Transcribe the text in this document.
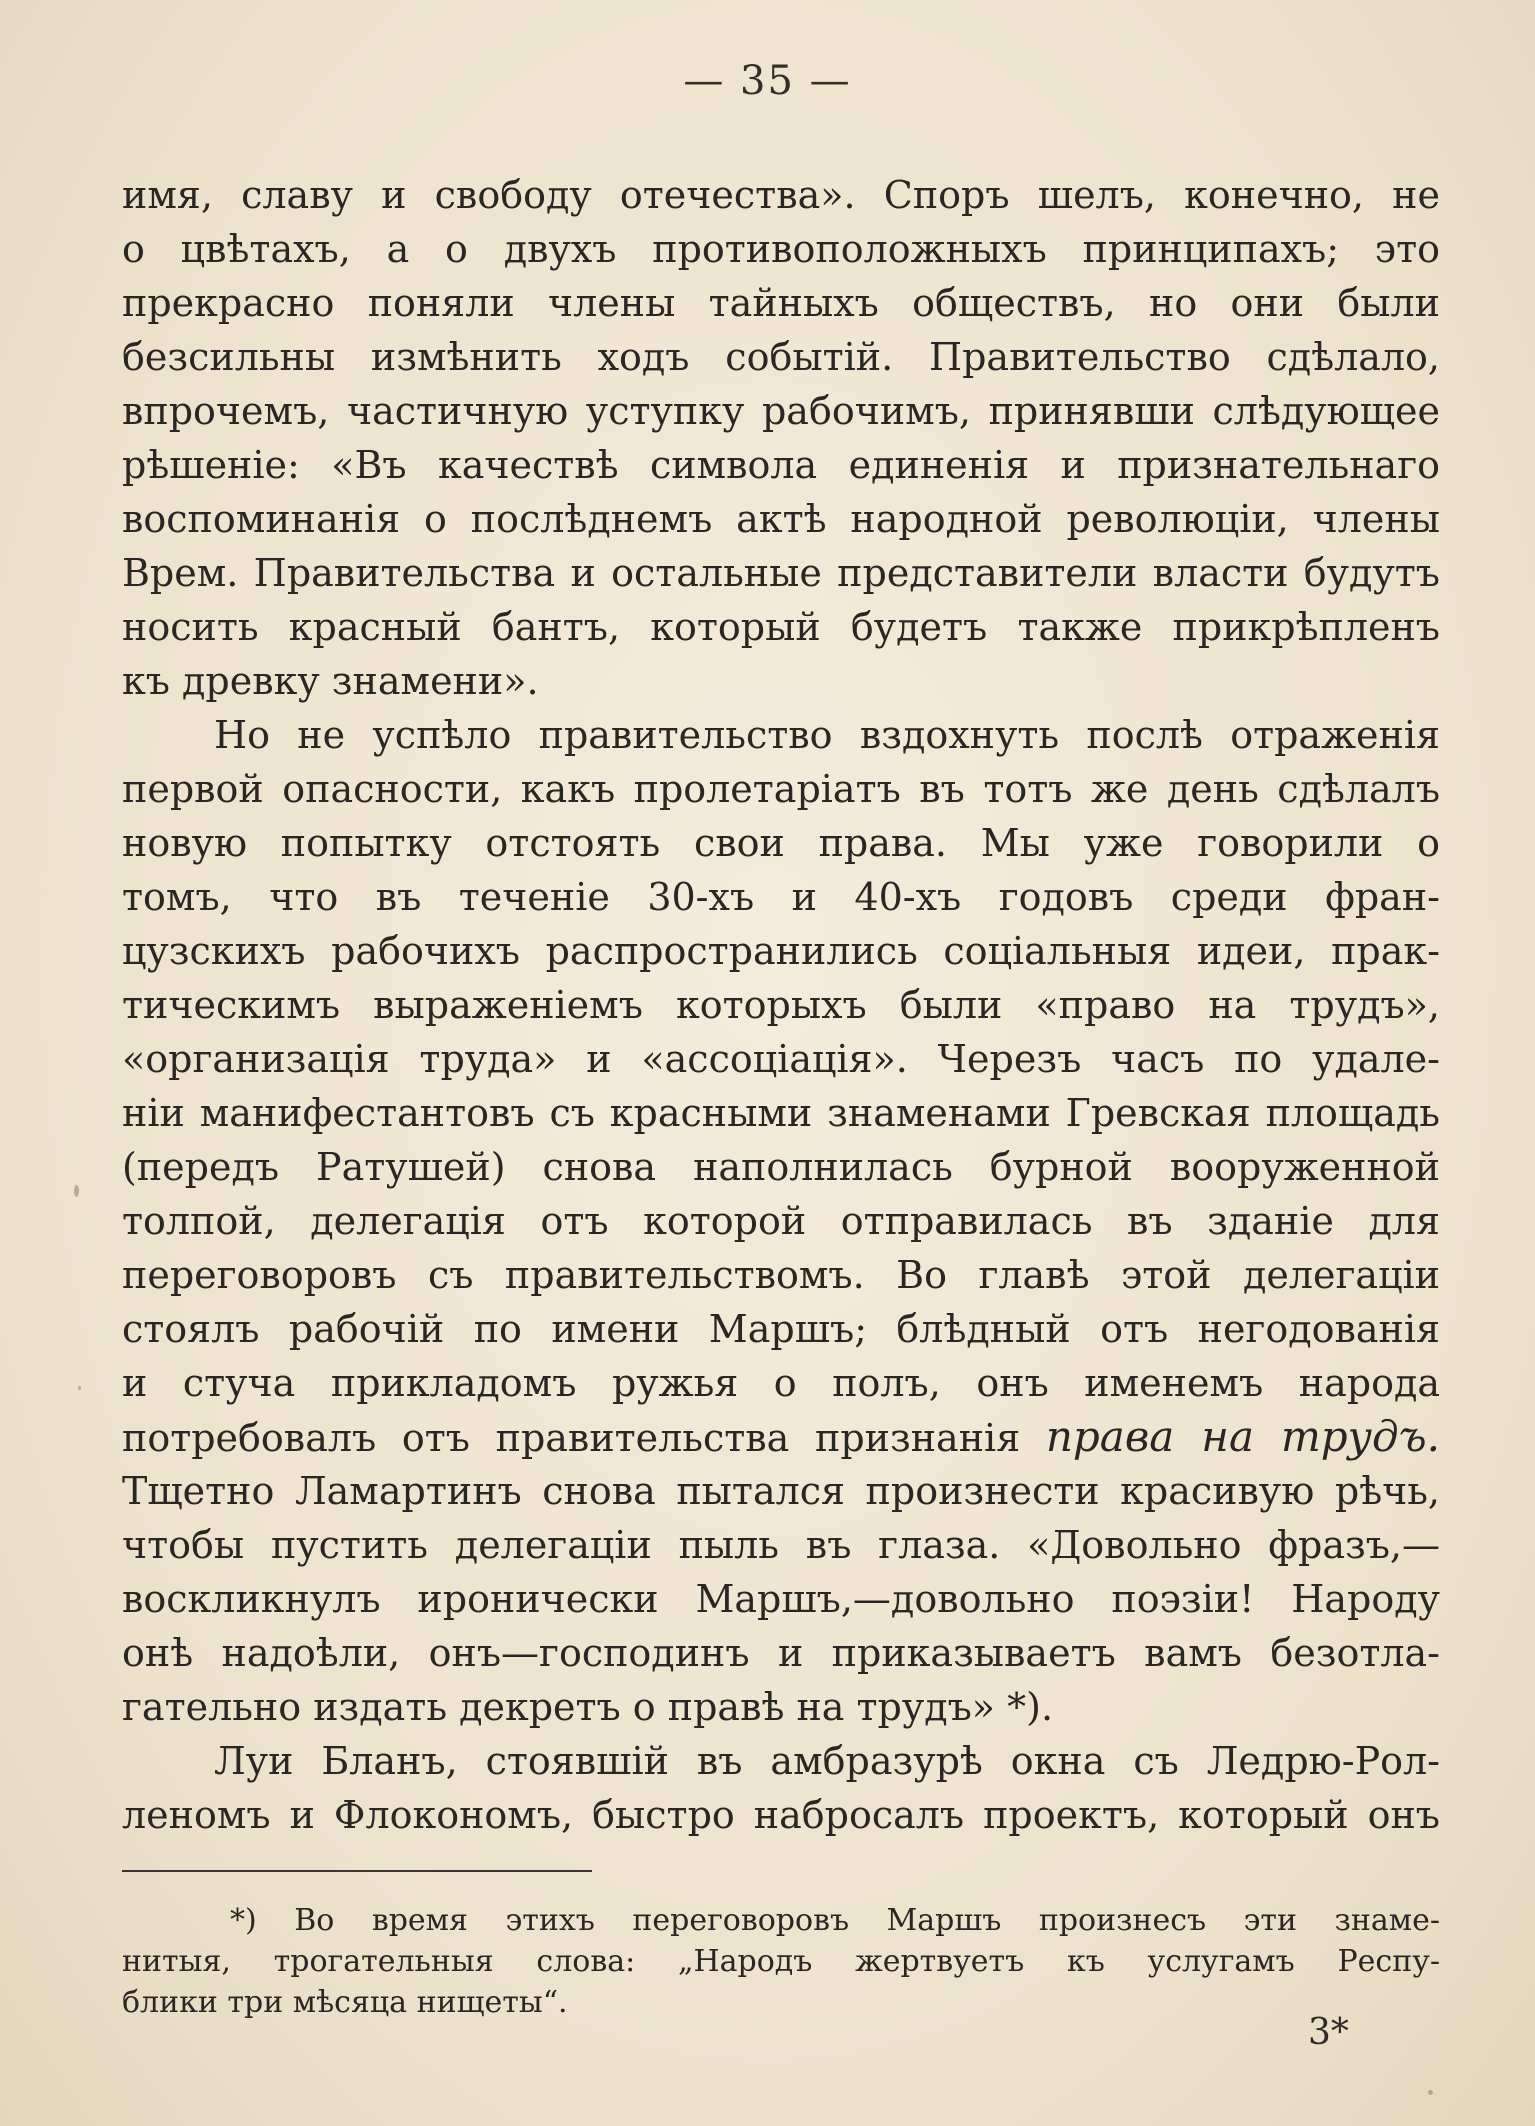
— 35 —
имя, славу и свободу отечества». Споръ шелъ, конечно, не
о цвѣтахъ, а о двухъ противоположныхъ принципахъ; это
прекрасно поняли члены тайныхъ обществъ, но они были
безсильны измѣнить ходъ событій. Правительство сдѣлало,
впрочемъ, частичную уступку рабочимъ, принявши слѣдующее
рѣшеніе: «Въ качествѣ символа единенія и признательнаго
воспоминанія о послѣднемъ актѣ народной революціи, члены
Врем. Правительства и остальные представители власти будутъ
носить красный бантъ, который будетъ также прикрѣпленъ
къ древку знамени».
Но не успѣло правительство вздохнуть послѣ отраженія
первой опасности, какъ пролетаріатъ въ тотъ же день сдѣлалъ
новую попытку отстоять свои права. Мы уже говорили о
томъ, что въ теченіе 30-хъ и 40-хъ годовъ среди фран-
цузскихъ рабочихъ распространились соціальныя идеи, прак-
тическимъ выраженіемъ которыхъ были «право на трудъ»,
«организація труда» и «ассоціація». Черезъ часъ по удале-
ніи манифестантовъ съ красными знаменами Гревская площадь
(передъ Ратушей) снова наполнилась бурной вооруженной
толпой, делегація отъ которой отправилась въ зданіе для
переговоровъ съ правительствомъ. Во главѣ этой делегаціи
стоялъ рабочій по имени Маршъ; блѣдный отъ негодованія
и стуча прикладомъ ружья о полъ, онъ именемъ народа
потребовалъ отъ правительства признанія права на трудъ.
Тщетно Ламартинъ снова пытался произнести красивую рѣчь,
чтобы пустить делегаціи пыль въ глаза. «Довольно фразъ,—
воскликнулъ иронически Маршъ,—довольно поэзіи! Народу
онѣ надоѣли, онъ—господинъ и приказываетъ вамъ безотла-
гательно издать декретъ о правѣ на трудъ» *).
Луи Бланъ, стоявшій въ амбразурѣ окна съ Ледрю-Рол-
леномъ и Флокономъ, быстро набросалъ проектъ, который онъ
*) Во время этихъ переговоровъ Маршъ произнесъ эти знаме-
нитыя, трогательныя слова: „Народъ жертвуетъ къ услугамъ Респу-
блики три мѣсяца нищеты“.
3*
